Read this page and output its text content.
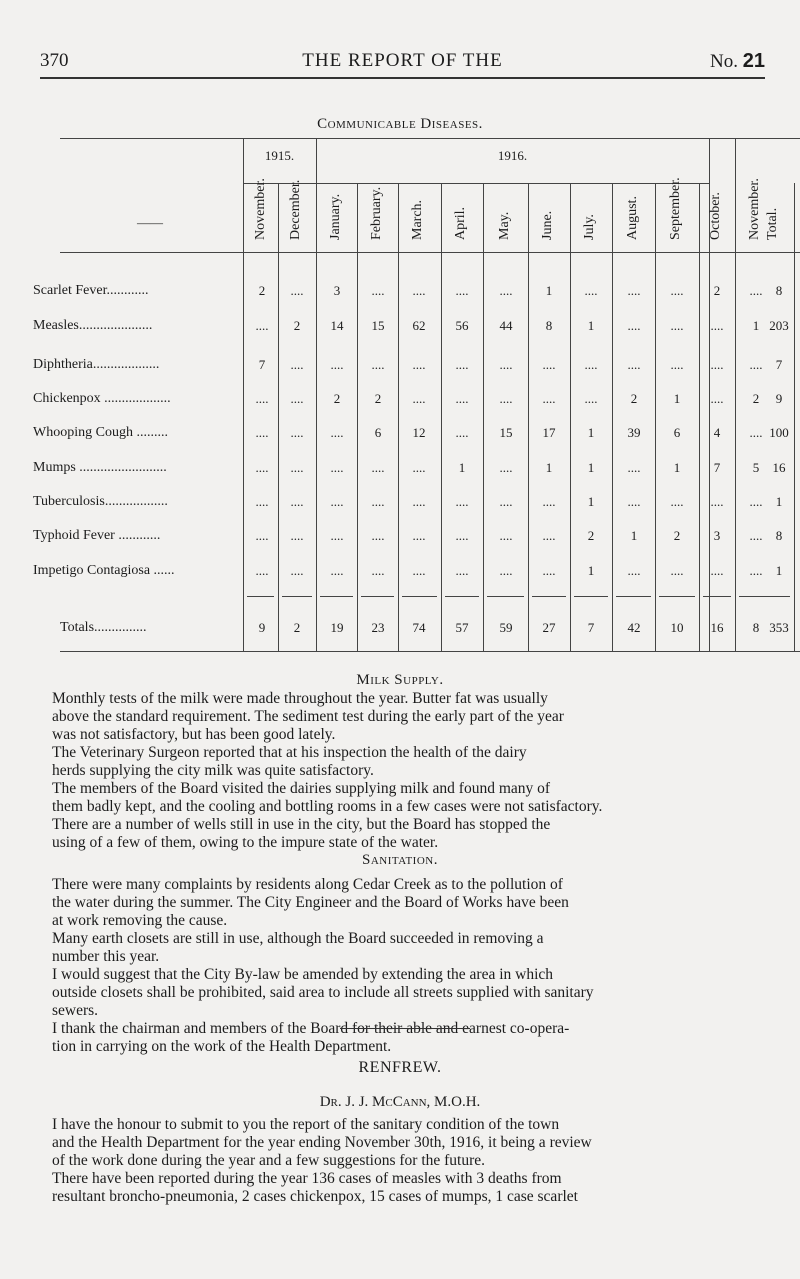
370	THE REPORT OF THE	No. 21
Communicable Diseases.
1915.	1916.
——	November. December. January. February. March. April. May. June. July. August. September. October. November. Total.
Scarlet Fever............	2	....	3	....	....	....	....	1	....	....	....	2	....	8
Measles.....................	....	2	14	15	62	56	44	8	1	....	....	....	1 203
Diphtheria...................	7	....	....	....	....	....	....	....	....	....	....	....	....	7
Chickenpox ...................	....	....	2	2	....	....	....	....	....	2	1	....	2	9
Whooping Cough .........	....	....	....	6	12	....	15	17	1	39	6	4	.... 100
Mumps .........................	....	....	....	....	....	1	....	1	1	....	1	7	5	16
Tuberculosis..................	....	....	....	....	....	....	....	....	1	....	....	....	....	1
Typhoid Fever ............	....	....	....	....	....	....	....	....	2	1	2	3	....	8
Impetigo Contagiosa ......	....	....	....	....	....	....	....	....	1	....	....	....	....	1
Totals...............	9	2	19	23	74	57	59	27	7	42	10	16	8 353
Milk Supply.

Monthly tests of the milk were made throughout the year. Butter fat was usually
above the standard requirement. The sediment test during the early part of the year
was not satisfactory, but has been good lately.

The Veterinary Surgeon reported that at his inspection the health of the dairy
herds supplying the city milk was quite satisfactory.

The members of the Board visited the dairies supplying milk and found many of
them badly kept, and the cooling and bottling rooms in a few cases were not satisfactory.
There are a number of wells still in use in the city, but the Board has stopped the
using of a few of them, owing to the impure state of the water.

Sanitation.

There were many complaints by residents along Cedar Creek as to the pollution of
the water during the summer. The City Engineer and the Board of Works have been
at work removing the cause.

Many earth closets are still in use, although the Board succeeded in removing a
number this year.

I would suggest that the City By-law be amended by extending the area in which
outside closets shall be prohibited, said area to include all streets supplied with sanitary
sewers.

I thank the chairman and members of the Board for their able and earnest co-opera-
tion in carrying on the work of the Health Department.

RENFREW.
Dr. J. J. McCann, M.O.H.

I have the honour to submit to you the report of the sanitary condition of the town
and the Health Department for the year ending November 30th, 1916, it being a review
of the work done during the year and a few suggestions for the future.

There have been reported during the year 136 cases of measles with 3 deaths from
resultant broncho-pneumonia, 2 cases chickenpox, 15 cases of mumps, 1 case scarlet
